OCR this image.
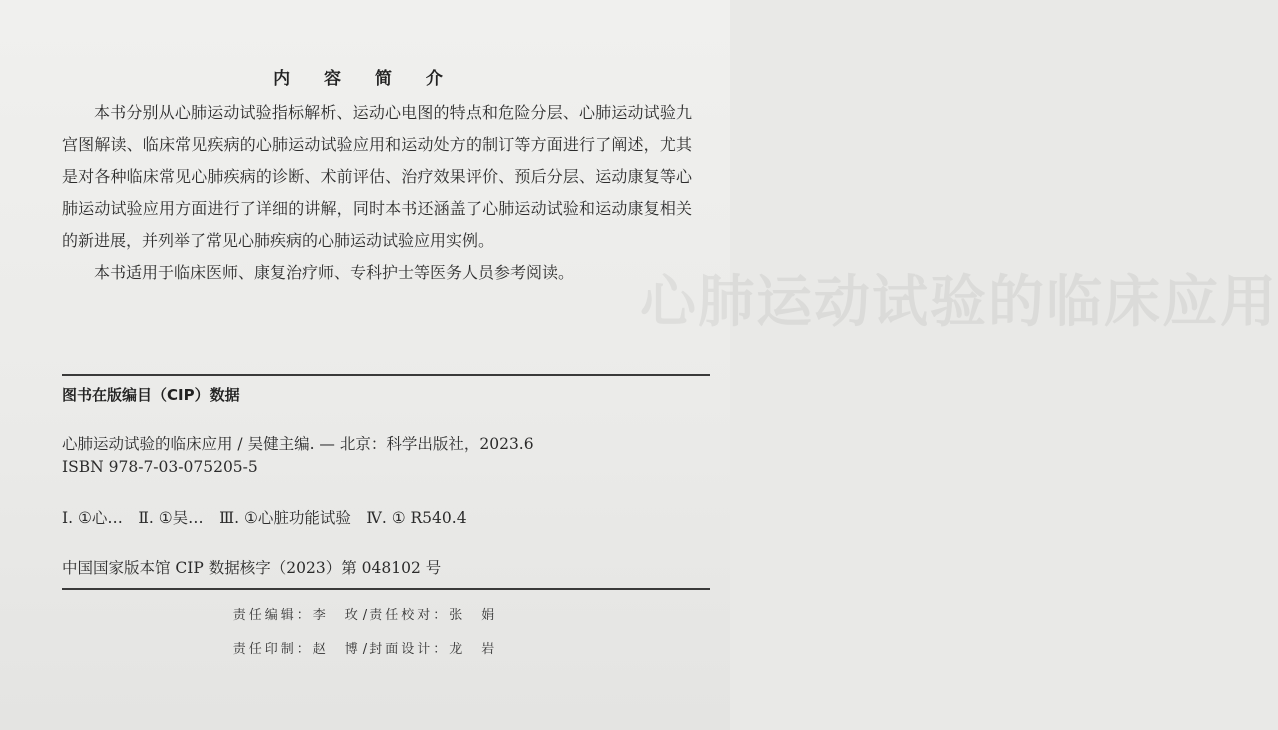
心肺运动试验的临床应用
内 容 简 介

本书分别从心肺运动试验指标解析、运动心电图的特点和危险分层、心肺运动试验九宫图解读、临床常见疾病的心肺运动试验应用和运动处方的制订等方面进行了阐述，尤其是对各种临床常见心肺疾病的诊断、术前评估、治疗效果评价、预后分层、运动康复等心肺运动试验应用方面进行了详细的讲解，同时本书还涵盖了心肺运动试验和运动康复相关的新进展，并列举了常见心肺疾病的心肺运动试验应用实例。

本书适用于临床医师、康复治疗师、专科护士等医务人员参考阅读。

图书在版编目（CIP）数据
心肺运动试验的临床应用 / 吴健主编. — 北京：科学出版社，2023.6
ISBN 978-7-03-075205-5
Ⅰ. ①心…　Ⅱ. ①吴…　Ⅲ. ①心脏功能试验　Ⅳ. ① R540.4
中国国家版本馆 CIP 数据核字（2023）第 048102 号
责任编辑：李　玫 / 责任校对：张　娟
责任印制：赵　博 / 封面设计：龙　岩
